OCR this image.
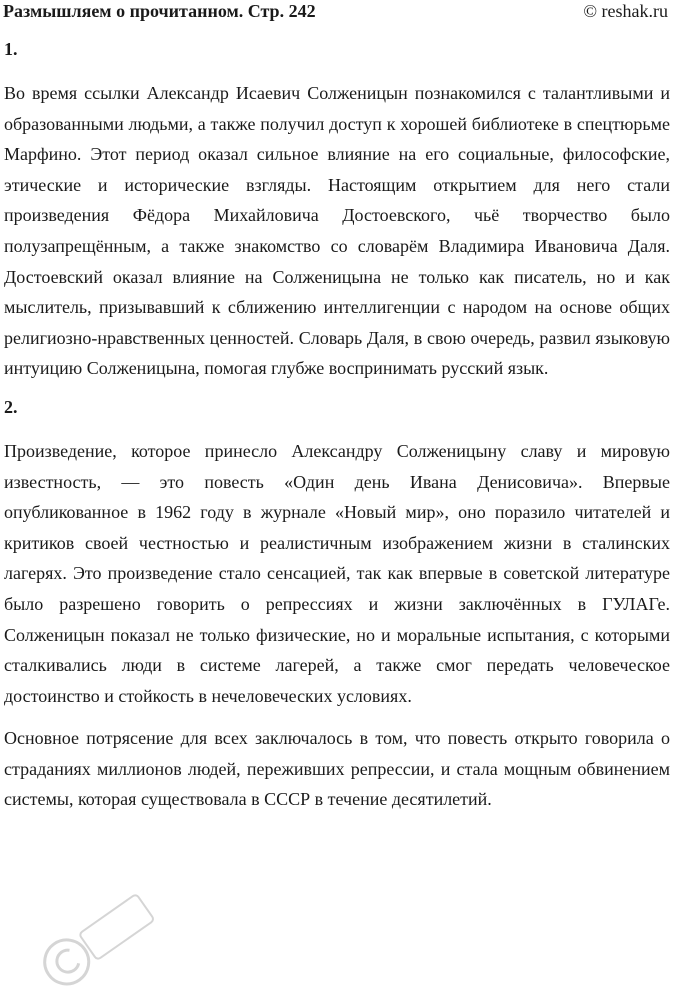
Размышляем о прочитанном. Стр. 242	© reshak.ru

1.

Во время ссылки Александр Исаевич Солженицын познакомился с талантливыми и образованными людьми, а также получил доступ к хорошей библиотеке в спецтюрьме Марфино. Этот период оказал сильное влияние на его социальные, философские, этические и исторические взгляды. Настоящим открытием для него стали произведения Фёдора Михайловича Достоевского, чьё творчество было полузапрещённым, а также знакомство со словарём Владимира Ивановича Даля. Достоевский оказал влияние на Солженицына не только как писатель, но и как мыслитель, призывавший к сближению интеллигенции с народом на основе общих религиозно-нравственных ценностей. Словарь Даля, в свою очередь, развил языковую интуицию Солженицына, помогая глубже воспринимать русский язык.

2.

Произведение, которое принесло Александру Солженицыну славу и мировую известность, — это повесть «Один день Ивана Денисовича». Впервые опубликованное в 1962 году в журнале «Новый мир», оно поразило читателей и критиков своей честностью и реалистичным изображением жизни в сталинских лагерях. Это произведение стало сенсацией, так как впервые в советской литературе было разрешено говорить о репрессиях и жизни заключённых в ГУЛАГе. Солженицын показал не только физические, но и моральные испытания, с которыми сталкивались люди в системе лагерей, а также смог передать человеческое достоинство и стойкость в нечеловеческих условиях.

Основное потрясение для всех заключалось в том, что повесть открыто говорила о страданиях миллионов людей, переживших репрессии, и стала мощным обвинением системы, которая существовала в СССР в течение десятилетий.
